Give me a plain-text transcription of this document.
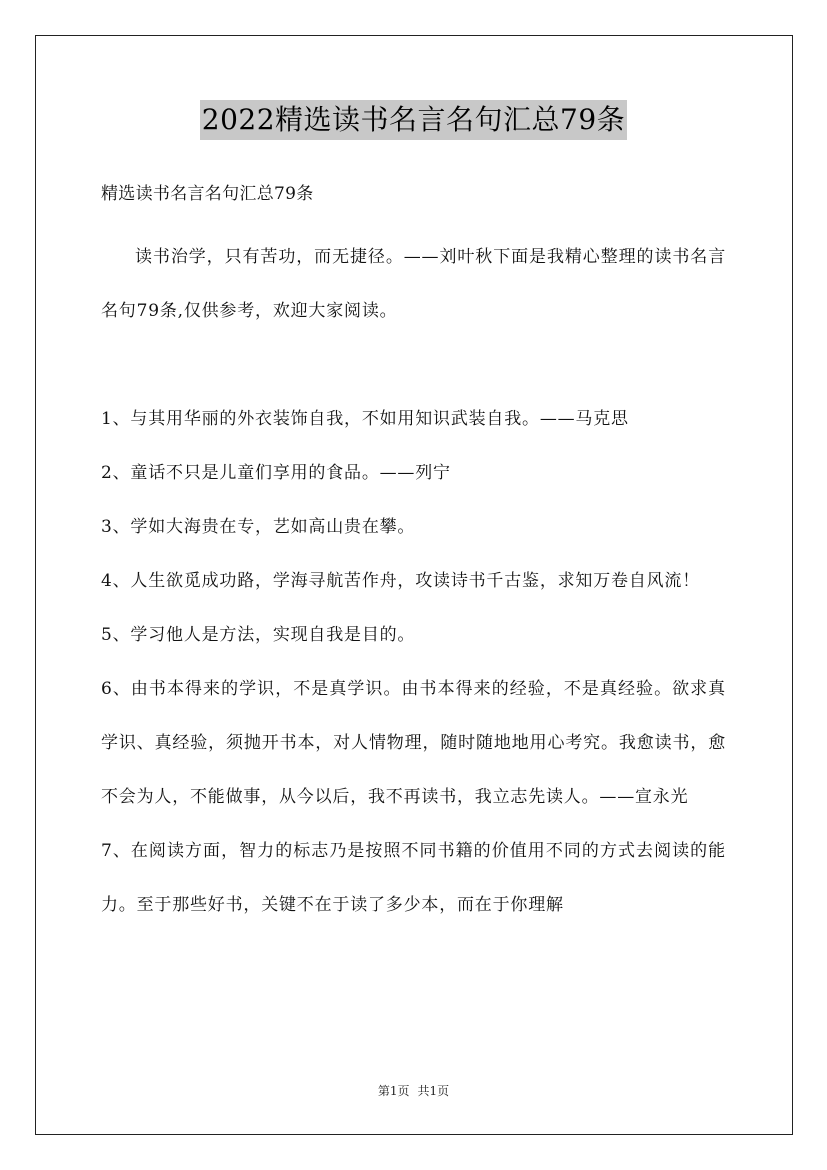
2022精选读书名言名句汇总79条
精选读书名言名句汇总79条

读书治学，只有苦功，而无捷径。——刘叶秋下面是我精心整理的读书名言名句79条,仅供参考，欢迎大家阅读。

1、与其用华丽的外衣装饰自我，不如用知识武装自我。——马克思

2、童话不只是儿童们享用的食品。——列宁

3、学如大海贵在专，艺如高山贵在攀。

4、人生欲觅成功路，学海寻航苦作舟，攻读诗书千古鉴，求知万卷自风流！

5、学习他人是方法，实现自我是目的。

6、由书本得来的学识，不是真学识。由书本得来的经验，不是真经验。欲求真学识、真经验，须抛开书本，对人情物理，随时随地地用心考究。我愈读书，愈不会为人，不能做事，从今以后，我不再读书，我立志先读人。——宣永光

7、在阅读方面，智力的标志乃是按照不同书籍的价值用不同的方式去阅读的能力。至于那些好书，关键不在于读了多少本，而在于你理解

第1页 共1页
